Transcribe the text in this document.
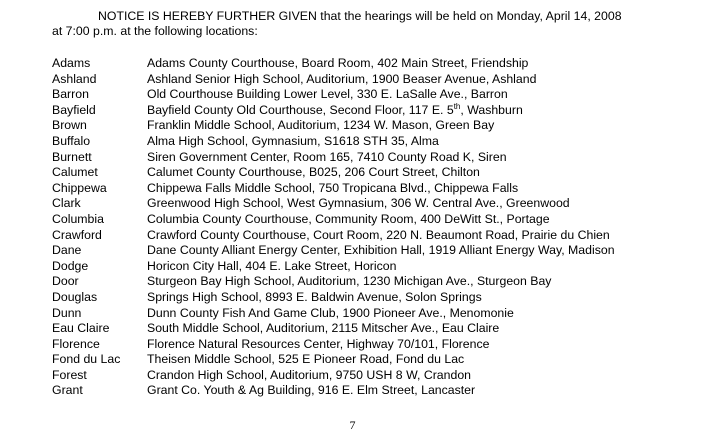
NOTICE IS HEREBY FURTHER GIVEN that the hearings will be held on Monday, April 14, 2008
at 7:00 p.m. at the following locations:

Adams	Adams County Courthouse, Board Room, 402 Main Street, Friendship
Ashland	Ashland Senior High School, Auditorium, 1900 Beaser Avenue, Ashland
Barron	Old Courthouse Building Lower Level, 330 E. LaSalle Ave., Barron
Bayfield	Bayfield County Old Courthouse, Second Floor, 117 E. 5th, Washburn
Brown	Franklin Middle School, Auditorium, 1234 W. Mason, Green Bay
Buffalo	Alma High School, Gymnasium, S1618 STH 35, Alma
Burnett	Siren Government Center, Room 165, 7410 County Road K, Siren
Calumet	Calumet County Courthouse, B025, 206 Court Street, Chilton
Chippewa	Chippewa Falls Middle School, 750 Tropicana Blvd., Chippewa Falls
Clark	Greenwood High School, West Gymnasium, 306 W. Central Ave., Greenwood
Columbia	Columbia County Courthouse, Community Room, 400 DeWitt St., Portage
Crawford	Crawford County Courthouse, Court Room, 220 N. Beaumont Road, Prairie du Chien
Dane	Dane County Alliant Energy Center, Exhibition Hall, 1919 Alliant Energy Way, Madison
Dodge	Horicon City Hall, 404 E. Lake Street, Horicon
Door	Sturgeon Bay High School, Auditorium, 1230 Michigan Ave., Sturgeon Bay
Douglas	Springs High School, 8993 E. Baldwin Avenue, Solon Springs
Dunn	Dunn County Fish And Game Club, 1900 Pioneer Ave., Menomonie
Eau Claire	South Middle School, Auditorium, 2115 Mitscher Ave., Eau Claire
Florence	Florence Natural Resources Center, Highway 70/101, Florence
Fond du Lac	Theisen Middle School, 525 E Pioneer Road, Fond du Lac
Forest	Crandon High School, Auditorium, 9750 USH 8 W, Crandon
Grant	Grant Co. Youth & Ag Building, 916 E. Elm Street, Lancaster
7
